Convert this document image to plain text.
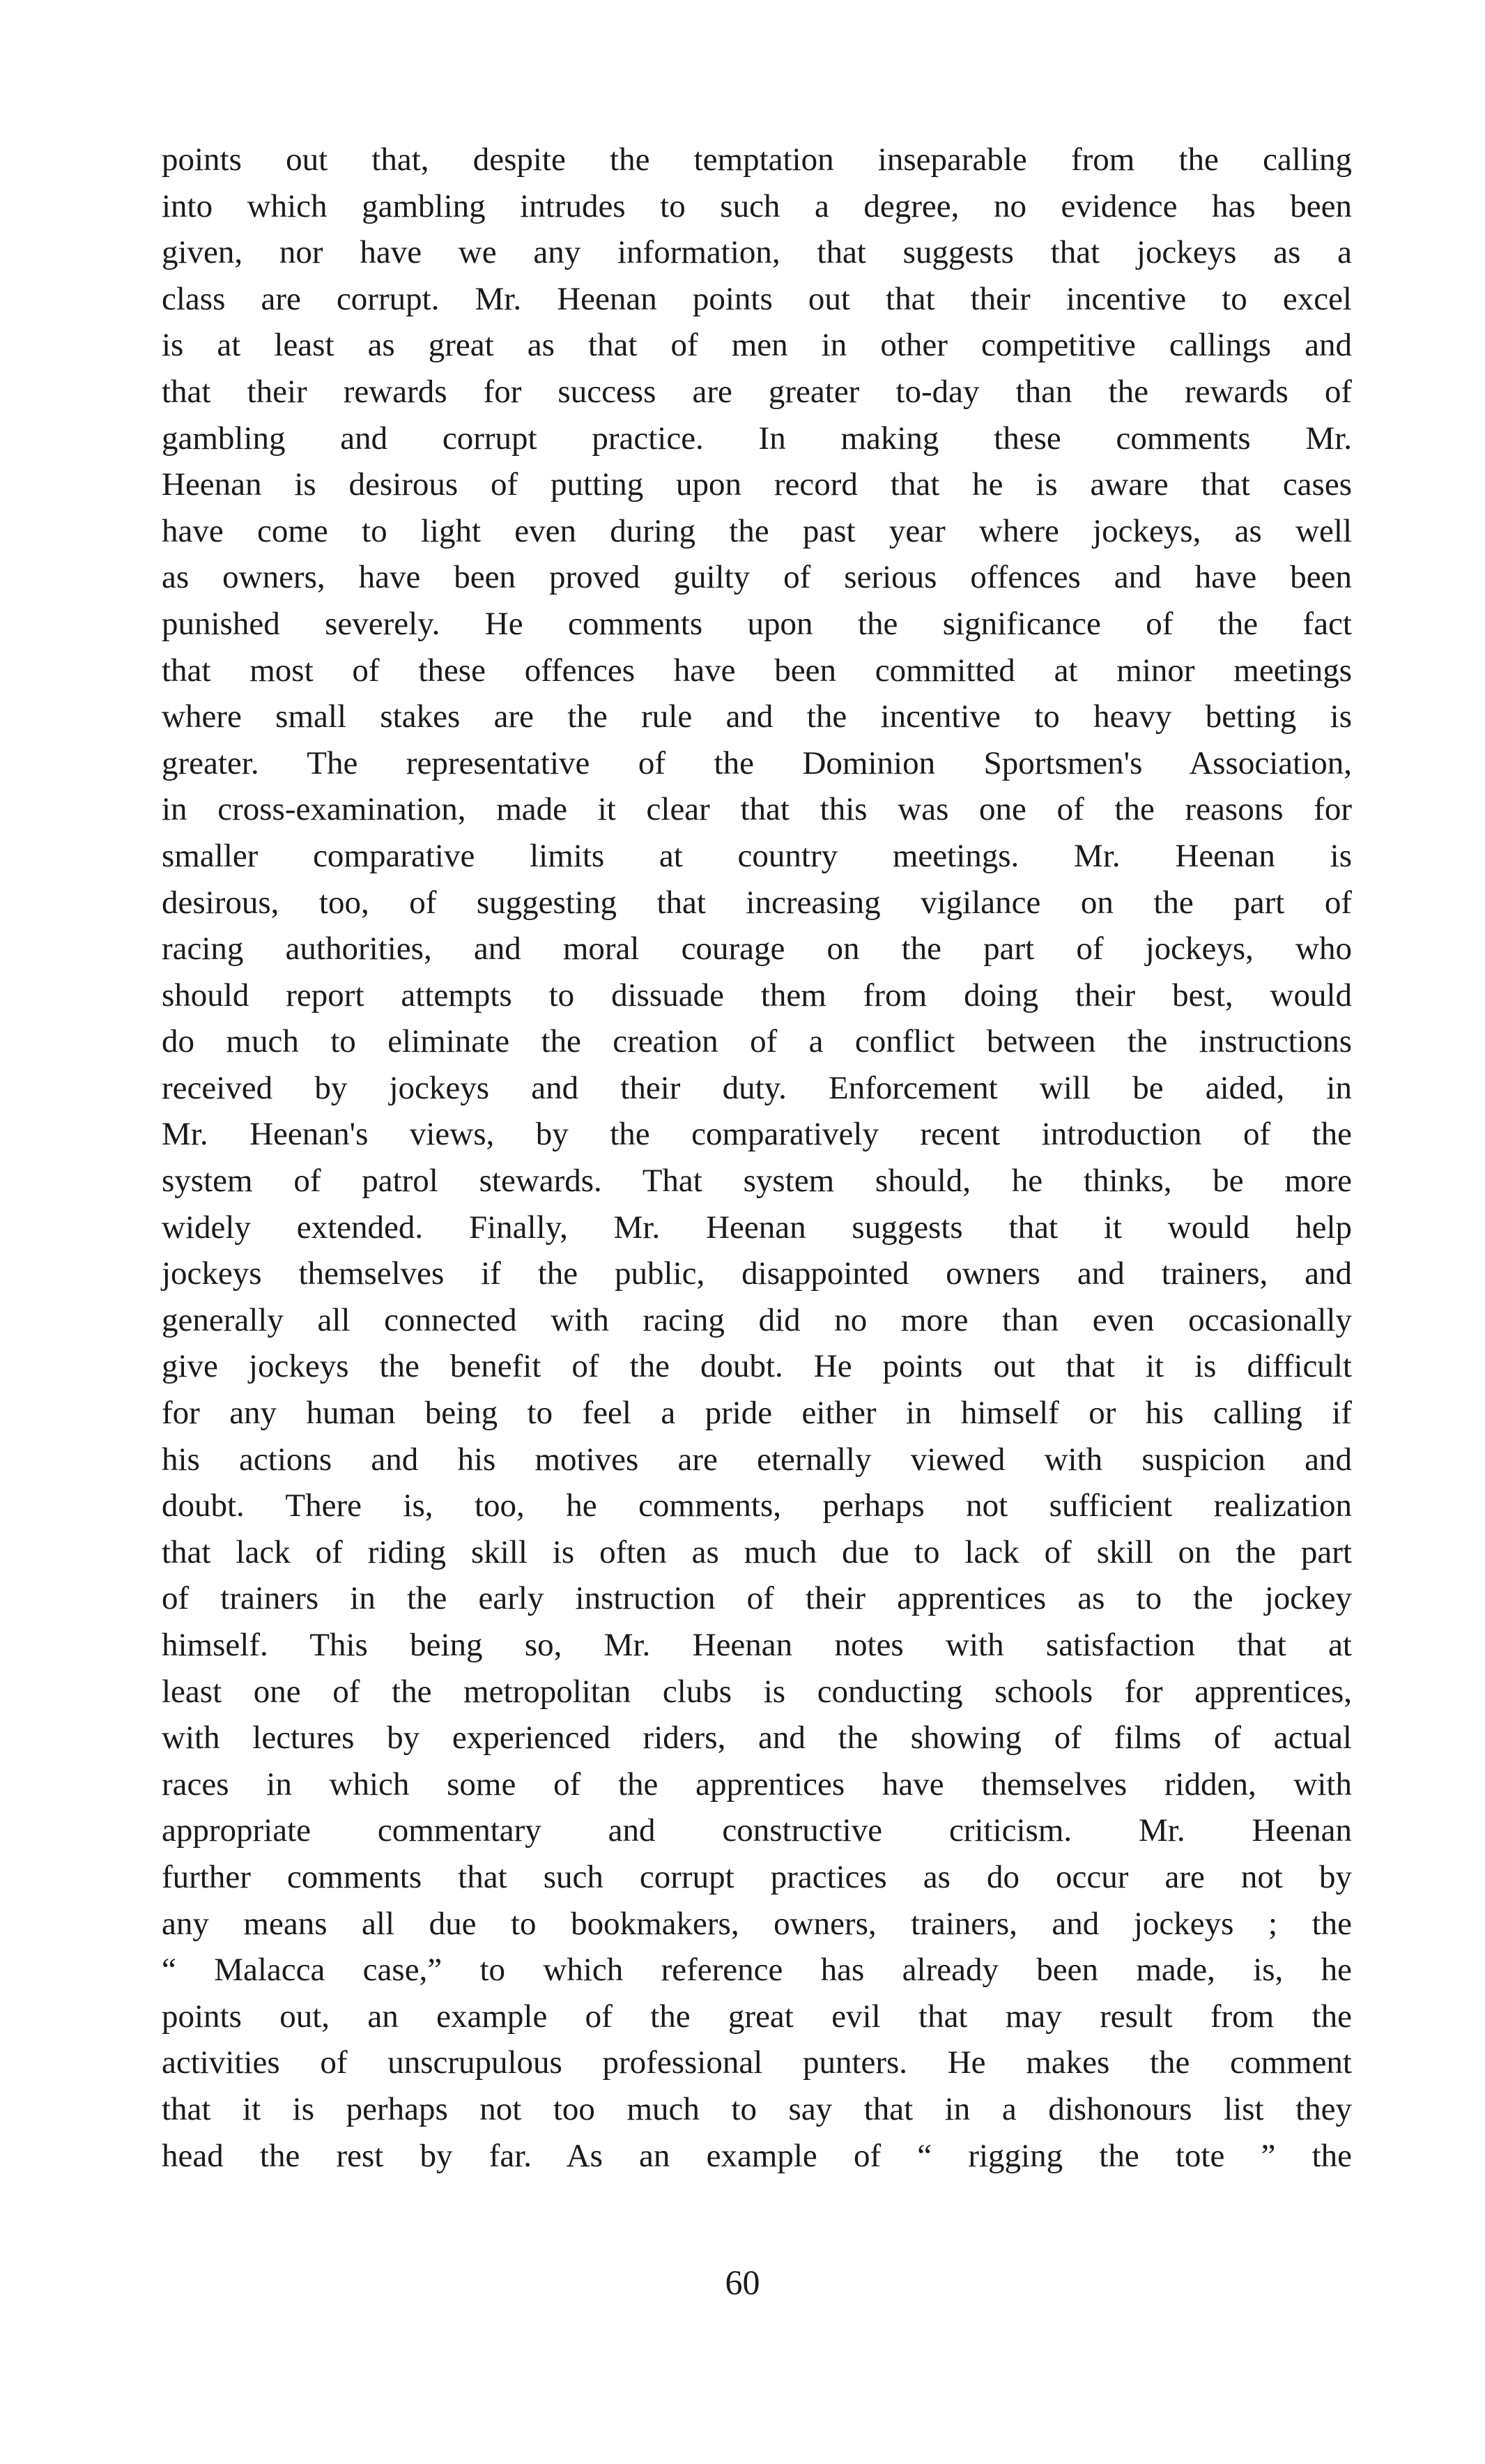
points out that, despite the temptation inseparable from the calling
into which gambling intrudes to such a degree, no evidence has been
given, nor have we any information, that suggests that jockeys as a
class are corrupt. Mr. Heenan points out that their incentive to excel
is at least as great as that of men in other competitive callings and
that their rewards for success are greater to-day than the rewards of
gambling and corrupt practice. In making these comments Mr.
Heenan is desirous of putting upon record that he is aware that cases
have come to light even during the past year where jockeys, as well
as owners, have been proved guilty of serious offences and have been
punished severely. He comments upon the significance of the fact
that most of these offences have been committed at minor meetings
where small stakes are the rule and the incentive to heavy betting is
greater. The representative of the Dominion Sportsmen's Association,
in cross-examination, made it clear that this was one of the reasons for
smaller comparative limits at country meetings. Mr. Heenan is
desirous, too, of suggesting that increasing vigilance on the part of
racing authorities, and moral courage on the part of jockeys, who
should report attempts to dissuade them from doing their best, would
do much to eliminate the creation of a conflict between the instructions
received by jockeys and their duty. Enforcement will be aided, in
Mr. Heenan's views, by the comparatively recent introduction of the
system of patrol stewards. That system should, he thinks, be more
widely extended. Finally, Mr. Heenan suggests that it would help
jockeys themselves if the public, disappointed owners and trainers, and
generally all connected with racing did no more than even occasionally
give jockeys the benefit of the doubt. He points out that it is difficult
for any human being to feel a pride either in himself or his calling if
his actions and his motives are eternally viewed with suspicion and
doubt. There is, too, he comments, perhaps not sufficient realization
that lack of riding skill is often as much due to lack of skill on the part
of trainers in the early instruction of their apprentices as to the jockey
himself. This being so, Mr. Heenan notes with satisfaction that at
least one of the metropolitan clubs is conducting schools for apprentices,
with lectures by experienced riders, and the showing of films of actual
races in which some of the apprentices have themselves ridden, with
appropriate commentary and constructive criticism. Mr. Heenan
further comments that such corrupt practices as do occur are not by
any means all due to bookmakers, owners, trainers, and jockeys ; the
“ Malacca case,” to which reference has already been made, is, he
points out, an example of the great evil that may result from the
activities of unscrupulous professional punters. He makes the comment
that it is perhaps not too much to say that in a dishonours list they
head the rest by far. As an example of “ rigging the tote ” the
60
